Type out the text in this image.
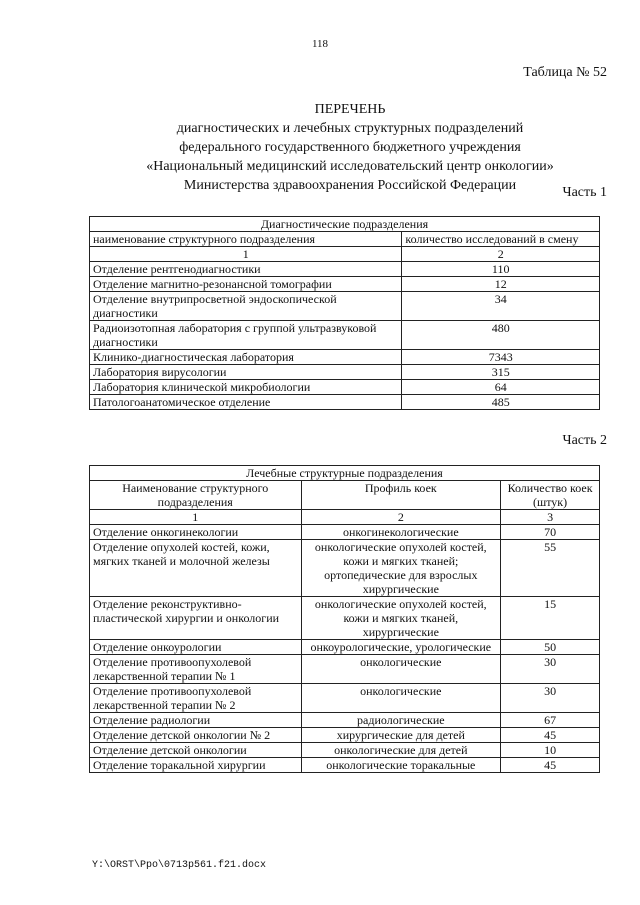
118
Таблица № 52
ПЕРЕЧЕНЬ
диагностических и лечебных структурных подразделений
федерального государственного бюджетного учреждения
«Национальный медицинский исследовательский центр онкологии»
Министерства здравоохранения Российской Федерации	Часть 1
Диагностические подразделения	
наименование структурного подразделения	количество исследований в смену
1	2
Отделение рентгенодиагностики	110
Отделение магнитно-резонансной томографии	12
Отделение внутрипросветной эндоскопической диагностики	34
Радиоизотопная лаборатория с группой ультразвуковой диагностики	480
Клинико-диагностическая лаборатория	7343
Лаборатория вирусологии	315
Лаборатория клинической микробиологии	64
Патологоанатомическое отделение	485
Часть 2
Лечебные структурные подразделения		
Наименование структурного подразделения	Профиль коек	Количество коек (штук)
1	2	3
Отделение онкогинекологии	онкогинекологические	70
Отделение опухолей костей, кожи, мягких тканей и молочной железы	онкологические опухолей костей, кожи и мягких тканей; ортопедические для взрослых хирургические	55
Отделение реконструктивно-пластической хирургии и онкологии	онкологические опухолей костей, кожи и мягких тканей, хирургические	15
Отделение онкоурологии	онкоурологические, урологические	50
Отделение противоопухолевой лекарственной терапии № 1	онкологические	30
Отделение противоопухолевой лекарственной терапии № 2	онкологические	30
Отделение радиологии	радиологические	67
Отделение детской онкологии № 2	хирургические для детей	45
Отделение детской онкологии	онкологические для детей	10
Отделение торакальной хирургии	онкологические торакальные	45
Y:\ORST\Ppo\0713p561.f21.docx
